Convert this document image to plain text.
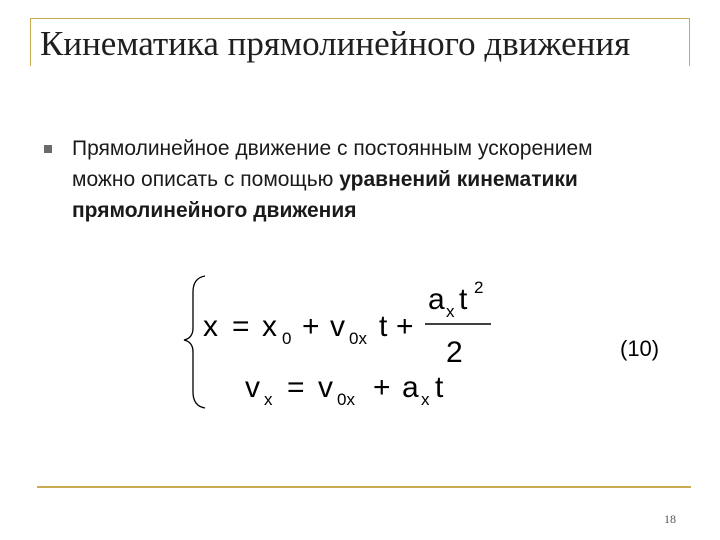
Кинематика прямолинейного движения
Прямолинейное движение с постоянным ускорением можно описать с помощью уравнений кинематики прямолинейного движения
x = x 0 + v 0x t +
a x t 2
2
v x = v 0x + a x t
(10)
18
